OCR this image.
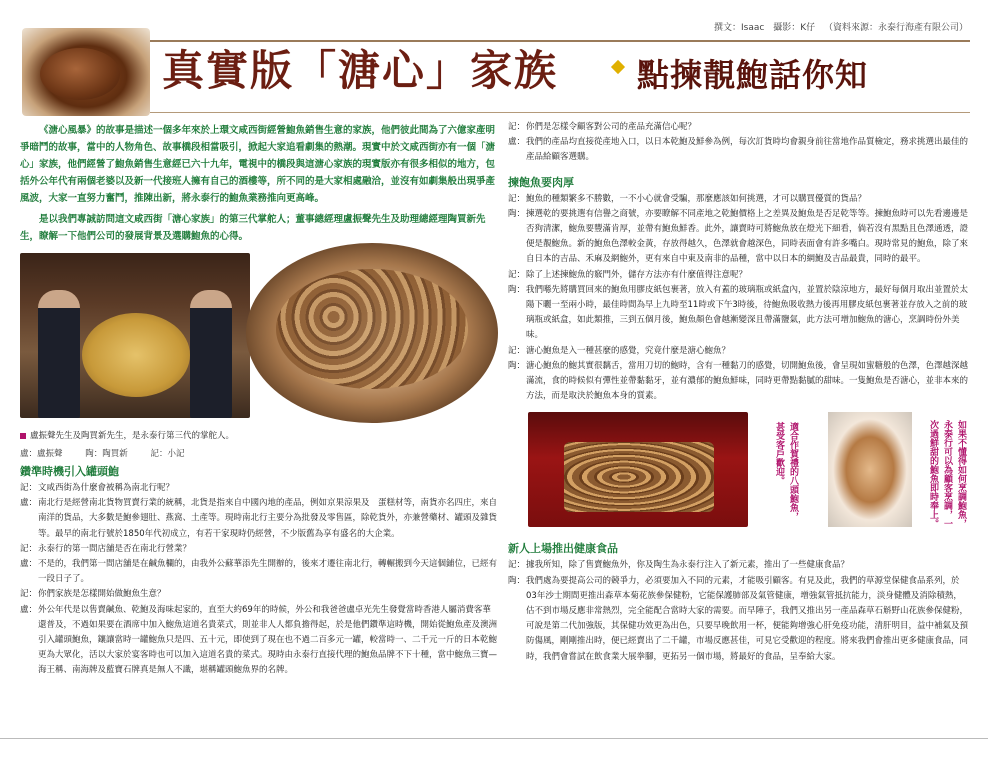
撰文：Isaac 攝影：K仔 （資料來源：永泰行海產有限公司）
真實版「溏心」家族 點揀靚鮑話你知

《溏心風暴》的故事是描述一個多年來於上環文咸西街經營鮑魚銷售生意的家族，他們彼此間為了六億家產明爭暗鬥的故事，當中的人物角色、故事橋段相當吸引，掀起大家追看劇集的熱潮。現實中於文咸西街亦有一個「溏心」家族，他們經營了鮑魚銷售生意經已六十九年，電視中的橋段與這溏心家族的現實版亦有很多相似的地方，包括外公年代有兩個老婆以及新一代接班人擁有自己的酒樓等，所不同的是大家相處融洽，並沒有如劇集般出現爭產風波，大家一直努力奮鬥，推陳出新，將永泰行的鮑魚業務推向更高峰。

是以我們專誠訪問這文咸西街「溏心家族」的第三代掌舵人；董事總經理盧振聲先生及助理總經理陶買新先生，瞭解一下他們公司的發展背景及選購鮑魚的心得。

盧振聲先生及陶買新先生，是永泰行第三代的掌舵人。
盧：盧振聲	陶：陶買新	記：小記
鑽準時機引入罐頭鮑
記： 文咸西街為什麼會被稱為南北行呢？
盧： 南北行是經營南北貨物買賣行業的統稱，北貨是指來自中國內地的產品，例如京果涼果及　蛋糕材等，南貨亦名四庄，來自南洋的貨品，大多數是鮑參翅肚、燕窩、土產等。現時南北行主要分為批發及零售區，除乾貨外，亦兼營藥材、罐頭及雜貨等。最早的南北行號於1850年代初成立，有若干家現時仍經營，不少版舊為享有盛名的大企業。
記： 永泰行的第一間店舖是否在南北行營業？
盧： 不是的，我們第一間店舖是在鹹魚欄的，由我外公蘇華添先生開辦的，後來才遷往南北行，轉輾搬到今天這個鋪位，已經有一段日子了。
記： 你們家族是怎樣開始做鮑魚生意？
盧： 外公年代是以售賣鹹魚、乾鮑及海味起家的，直至大約69年的時候，外公和我爸爸盧卓光先生發覺當時香港人屬消費客華還普及，不過如果要在酒席中加入鮑魚這道名貴菜式，則並非人人都負擔得起，於是他們鑽準這時機，開始從鮑魚產及澳洲引入罐頭鮑魚，鑲讓當時一罐鮑魚只是四、五十元，即使到了現在也不過二百多元一罐，較當時一、二千元一斤的日本乾鮑更為大眾化，活以大家於宴客時也可以加入這道名貴的菜式。現時由永泰行直接代理的鮑魚品牌不下十種，當中鮑魚三寶—海王稱、南海牌及藍寶石牌真是無人不識，堪稱罐頭鮑魚界的名牌。
記： 你們是怎樣令顧客對公司的產品充滿信心呢？
盧： 我們的產品均直接從產地入口，以日本乾鮑及鮮參為例，每次訂貨時均會親身前往當地作品質檢定，務求挑選出最佳的產品給顧客選購。
揀飽魚要肉厚
記： 鮑魚的種類繁多不勝數，一不小心就會受騙，那麼應該如何挑選，才可以購買優質的貨品？
陶： 揀選乾的要挑選有信譽之商號，亦要瞭解不同產地之乾鮑價格上之差異及鮑魚是否足乾等等。揀鮑魚時可以先看邊邊是否狗清潔，鮑魚要豐滿肯厚，並帶有鮑魚鮮香。此外，讓賣時可將鮑魚放在燈光下細看，倘若沒有黑點且色澤通透，證便是靚鮑魚。新的鮑魚色澤較金黃，存放得越久，色澤就會越深色，同時表面會有許多嘴白。現時常見的鮑魚，除了來自日本的吉品、禾麻及網鮑外，更有來自中東及南非的品種，當中以日本的網鮑及吉品最貴，同時的最平。
記： 除了上述揀鮑魚的竅門外，儲存方法亦有什麼值得注意呢？
陶： 我們喺先將購買回來的鮑魚用膠皮紙包裹著，放入有蓋的玻璃瓶或紙盒內，並置於陰涼地方，最好每個月取出並置於太陽下曬一至兩小時，最佳時間為早上九時至11時或下午3時後，待鮑魚吸收熱力後再用膠皮紙包裹著並存放入之前的玻璃瓶或紙盒，如此類推，三到五個月後，鮑魚顏色會越漸變深且帶滿鹽氣，此方法可增加鮑魚的溏心，烹調時份外美味。
記： 溏心鮑魚是入一種甚麼的感覺，究竟什麼是溏心鮑魚？
陶： 溏心鮑魚的鮑其實很黐舌，當用刀切的鮑時，含有一種黏刀的感覺，切開鮑魚後，會呈現如蜜糖般的色澤，色澤越深越滿流，食的時候似有彈性並帶黏黏牙，並有濃郁的鮑魚鮮味，同時更帶點黏膩的甜味。一隻鮑魚是否溏心，並非本來的方法，而是取決於鮑魚本身的質素。
適合作賀禮的八頭鮑魚，甚受客戶歡迎。	如果不懂得如何烹調鮑魚，永泰行可以為顧客烹調，一次過鮮甜的鮑魚即時奉上。
新人上場推出健康食品
記： 據我所知，除了售賣鮑魚外，你及陶生為永泰行注入了新元素，推出了一些健康食品？
陶： 我們處為要提高公司的競爭力，必須要加入不同的元素，才能吸引顧客。有見及此，我們的草源堂保健食品系列，於03年沙士期間更推出森草本菊花族參保健粉，它能保護肺部及氣管健康，增強氣管抵抗能力，淡身健體及消除積熱，估不到市場反應非常熱烈，完全能配合當時大家的需要。而早陣子，我們又推出另一產品森草石斛野山花族參保健粉，可說是第二代加強版，其保健功效更為出色，只要早晚飲用一杯，便能夠增強心肝免疫功能，清肝明目，益中補氣及預防傷風，剛剛推出時，便已經賣出了二千罐，市場反應甚佳，可見它受歡迎的程度。將來我們會推出更多健康食品，同時，我們會嘗試在飲食業大展拳腳，更拓另一個市場，將最好的食品，呈奉給大家。
